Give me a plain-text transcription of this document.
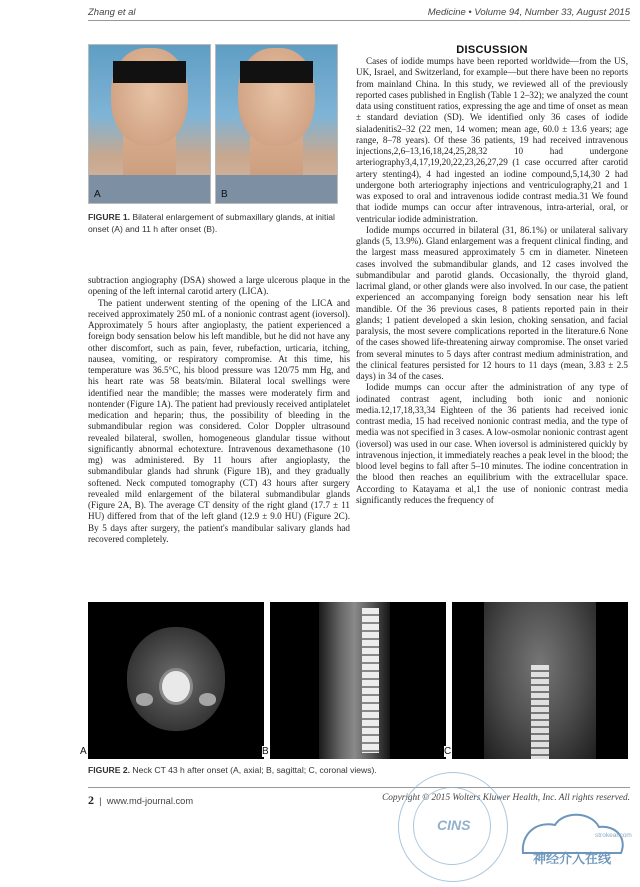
Zhang et al	Medicine • Volume 94, Number 33, August 2015
A	B
FIGURE 1. Bilateral enlargement of submaxillary glands, at initial onset (A) and 11 h after onset (B).

subtraction angiography (DSA) showed a large ulcerous plaque in the opening of the left internal carotid artery (LICA).

The patient underwent stenting of the opening of the LICA and received approximately 250 mL of a nonionic contrast agent (ioversol). Approximately 5 hours after angioplasty, the patient experienced a foreign body sensation below his left mandible, but he did not have any other discomfort, such as pain, fever, rubefaction, urticaria, itching, nausea, vomiting, or respiratory compromise. At this time, his temperature was 36.5°C, his blood pressure was 120/75 mm Hg, and his heart rate was 58 beats/min. Bilateral local swellings were identified near the mandible; the masses were moderately firm and nontender (Figure 1A). The patient had previously received antiplatelet medication and heparin; thus, the possibility of bleeding in the submandibular region was considered. Color Doppler ultrasound revealed bilateral, swollen, homogeneous glandular tissue without significantly abnormal echotexture. Intravenous dexamethasone (10 mg) was administered. By 11 hours after angioplasty, the submandibular glands had shrunk (Figure 1B), and they gradually softened. Neck computed tomography (CT) 43 hours after surgery revealed mild enlargement of the bilateral submandibular glands (Figure 2A, B). The average CT density of the right gland (17.7 ± 11 HU) differed from that of the left gland (12.9 ± 9.0 HU) (Figure 2C). By 5 days after surgery, the patient's mandibular salivary glands had recovered completely.

DISCUSSION

Cases of iodide mumps have been reported worldwide—from the US, UK, Israel, and Switzerland, for example—but there have been no reports from mainland China. In this study, we reviewed all of the previously reported cases published in English (Table 1 2–32); we analyzed the count data using constituent ratios, expressing the age and time of onset as mean ± standard deviation (SD). We identified only 36 cases of iodide sialadenitis2–32 (22 men, 14 women; mean age, 60.0 ± 13.6 years; age range, 8–78 years). Of these 36 patients, 19 had received intravenous injections,2,6–13,16,18,24,25,28,32 10 had undergone arteriography3,4,17,19,20,22,23,26,27,29 (1 case occurred after carotid artery stenting4), 4 had ingested an iodine compound,5,14,30 2 had undergone both arteriography injections and ventriculography,21 and 1 was exposed to oral and intravenous iodide contrast media.31 We found that iodide mumps can occur after intravenous, intra-arterial, oral, or ventricular iodide administration.

Iodide mumps occurred in bilateral (31, 86.1%) or unilateral salivary glands (5, 13.9%). Gland enlargement was a frequent clinical finding, and the largest mass measured approximately 5 cm in diameter. Nineteen cases involved the submandibular glands, and 12 cases involved the submandibular and parotid glands. Occasionally, the thyroid gland, lacrimal gland, or other glands were also involved. In our case, the patient experienced an accompanying foreign body sensation near his left mandible. Of the 36 previous cases, 8 patients reported pain in their glands; 1 patient developed a skin lesion, choking sensation, and facial paralysis, the most severe complications reported in the literature.6 None of the cases showed life-threatening airway compromise. The onset varied from several minutes to 5 days after contrast medium administration, and the clinical features persisted for 12 hours to 11 days (mean, 3.83 ± 2.5 days) in 34 of the cases.

Iodide mumps can occur after the administration of any type of iodinated contrast agent, including both ionic and nonionic media.12,17,18,33,34 Eighteen of the 36 patients had received ionic contrast media, 15 had received nonionic contrast media, and the type of media was not specified in 3 cases. A low-osmolar nonionic contrast agent (ioversol) was used in our case. When ioversol is administered quickly by intravenous injection, it immediately reaches a peak level in the blood; the blood level begins to fall after 5–10 minutes. The iodine concentration in the blood then reaches an equilibrium with the extracellular space. According to Katayama et al,1 the use of nonionic contrast media significantly reduces the frequency of

A	B	C
FIGURE 2. Neck CT 43 h after onset (A, axial; B, sagittal; C, coronal views).
2  |  www.md-journal.com	Copyright © 2015 Wolters Kluwer Health, Inc. All rights reserved.
CINS
strokeai.com
神经介入在线
